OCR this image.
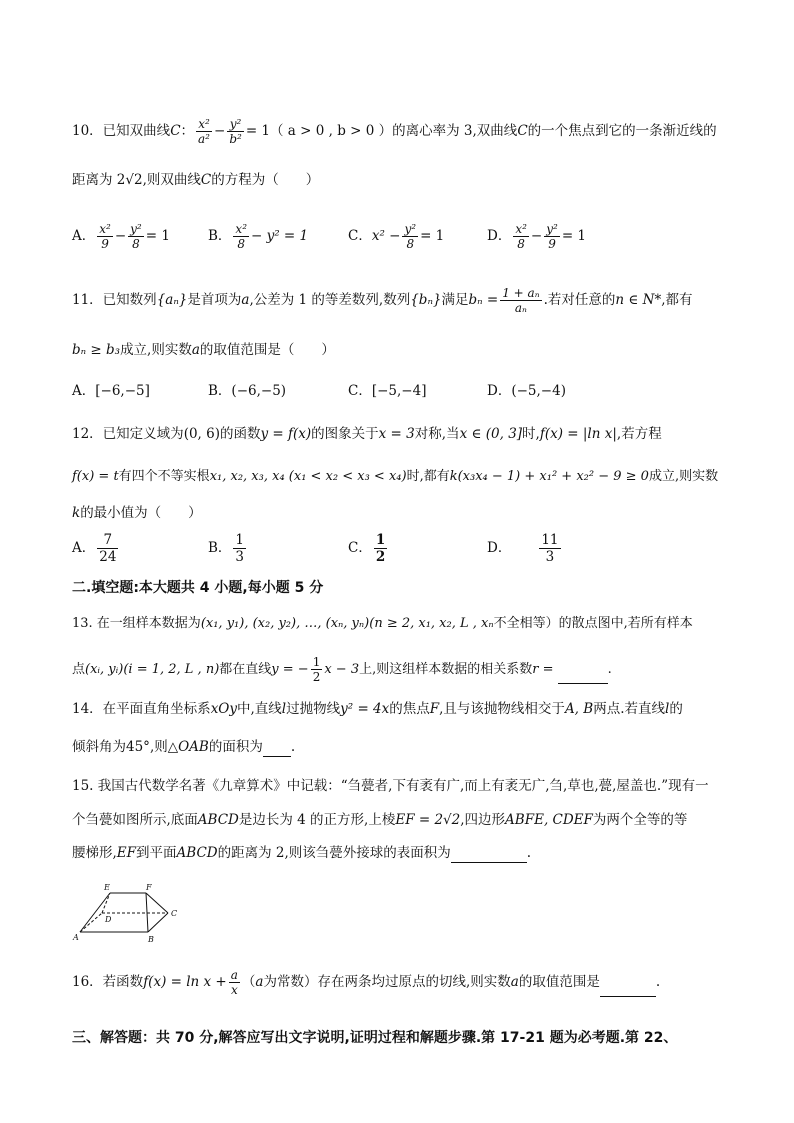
10．已知双曲线C： $\frac{\text{x²}}{\text{a²}} - \frac{\text{y²}}{\text{b²}} = 1$（ a > 0 , b > 0 ）的离心率为 3,双曲线C的一个焦点到它的一条渐近线的
距离为 2√2,则双曲线C的方程为（　　）
A． $\frac{\text{x²}}{9} - \frac{\text{y²}}{8} = 1$	B． $\frac{\text{x²}}{8} - y^2 = 1$	C．$x^2 - \frac{\text{y²}}{8} = 1$	D． $\frac{\text{x²}}{8} - \frac{\text{y²}}{9} = 1$
11．已知数列{aₙ}是首项为a,公差为 1 的等差数列,数列{bₙ}满足$b_n = \frac{\text{1 + aₙ}}{\text{aₙ}}$ .若对任意的n ∈ N*,都有
bₙ ≥ b₃成立,则实数a的取值范围是（　　）
A．[−6,−5]	B．(−6,−5)	C．[−5,−4]	D．(−5,−4)
12．已知定义域为(0, 6)的函数y = f(x)的图象关于x = 3对称,当x ∈ (0, 3]时,f(x) = |ln x|,若方程
f(x) = t有四个不等实根x₁, x₂, x₃, x₄ (x₁ < x₂ < x₃ < x₄)时,都有k(x₃x₄ − 1) + x₁² + x₂² − 9 ≥ 0成立,则实数
k的最小值为（　　）
A． $\frac{7}{24}$	B． $\frac{1}{3}$	C． $\frac{1}{2}$	D． $\frac{11}{3}$
二.填空题:本大题共 4 小题,每小题 5 分
13. 在一组样本数据为(x₁, y₁), (x₂, y₂), …, (xₙ, yₙ)(n ≥ 2, x₁, x₂, L , xₙ不全相等）的散点图中,若所有样本
点(xᵢ, yᵢ)(i = 1, 2, L , n)都在直线y = − $\frac{1}{2}$ x − 3上,则这组样本数据的相关系数r =	.
14．在平面直角坐标系xOy中,直线l过抛物线y² = 4x的焦点F,且与该抛物线相交于A, B两点.若直线l的
倾斜角为45°,则△OAB的面积为 .
15. 我国古代数学名著《九章算术》中记载：“刍甍者,下有袤有广,而上有袤无广,刍,草也,甍,屋盖也.”现有一
个刍甍如图所示,底面ABCD是边长为 4 的正方形,上棱EF = 2√2,四边形ABFE, CDEF为两个全等的等
腰梯形,EF到平面ABCD的距离为 2,则该刍甍外接球的表面积为	.
E	F
C
D
A	B
16．若函数$f(x) = \ln x + \frac{a}{x} (a$为常数）存在两条均过原点的切线,则实数a的取值范围是	.
三、解答题：共 70 分,解答应写出文字说明,证明过程和解题步骤.第 17-21 题为必考题.第 22、
